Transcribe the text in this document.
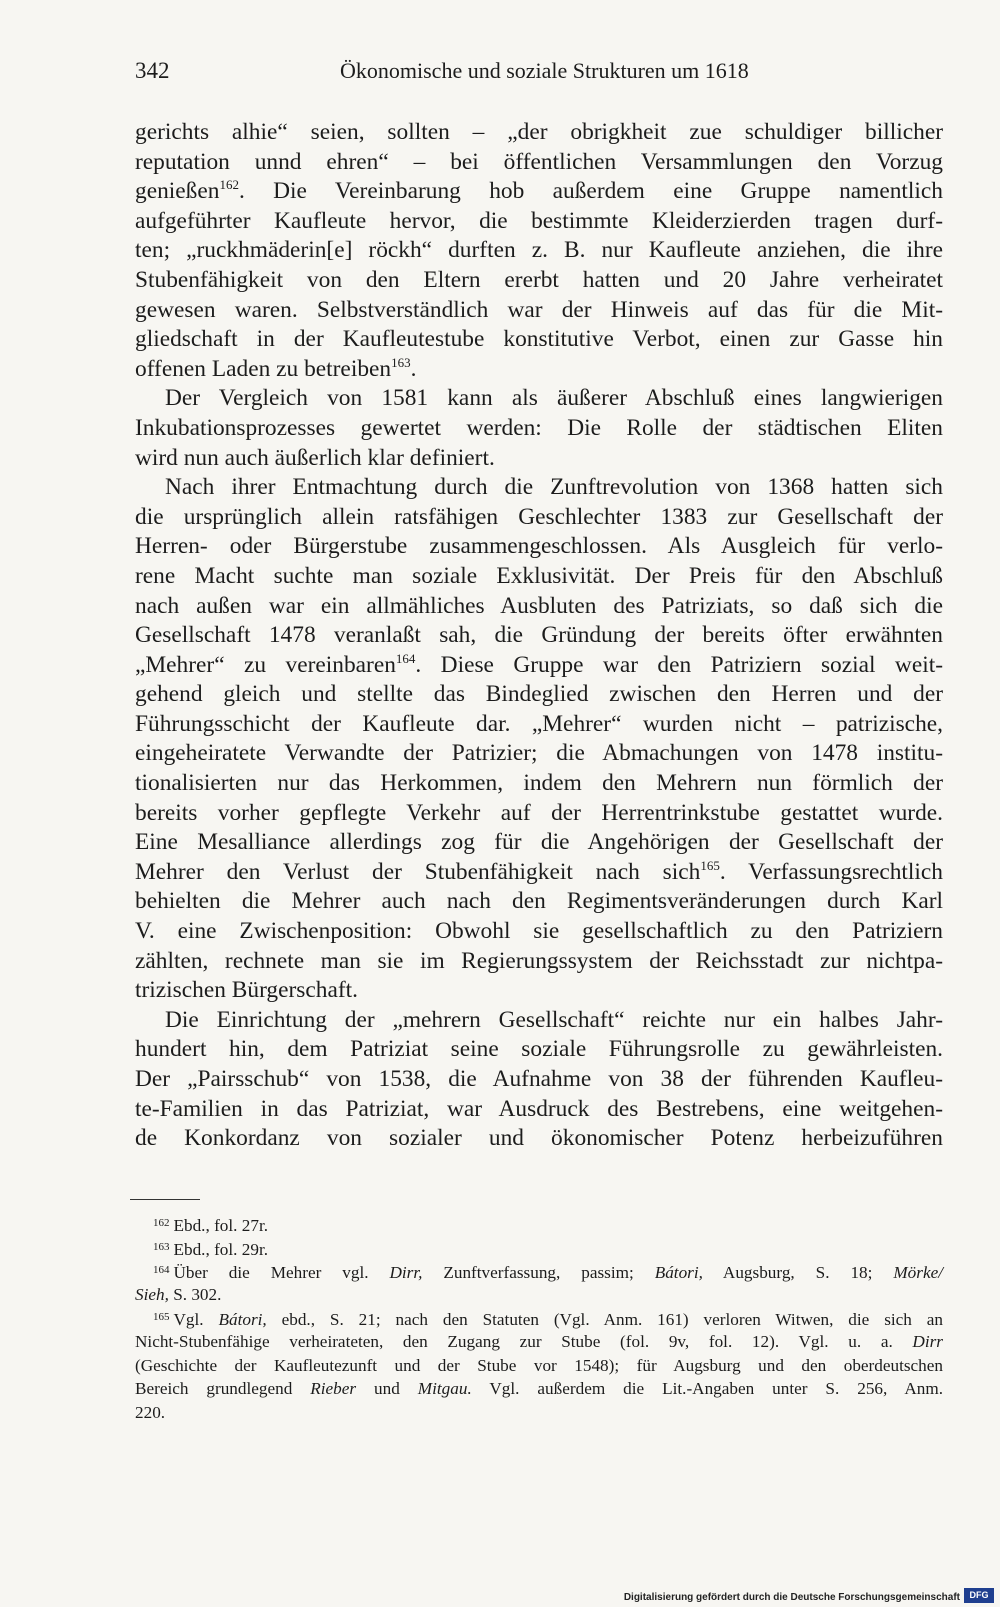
342	Ökonomische und soziale Strukturen um 1618
gerichts alhie“ seien, sollten – „der obrigkheit zue schuldiger billicher
reputation unnd ehren“ – bei öffentlichen Versammlungen den Vorzug
genießen$^{162}$. Die Vereinbarung hob außerdem eine Gruppe namentlich
aufgeführter Kaufleute hervor, die bestimmte Kleiderzierden tragen durf-
ten; „ruckhmäderin[e] röckh“ durften z. B. nur Kaufleute anziehen, die ihre
Stubenfähigkeit von den Eltern ererbt hatten und 20 Jahre verheiratet
gewesen waren. Selbstverständlich war der Hinweis auf das für die Mit-
gliedschaft in der Kaufleutestube konstitutive Verbot, einen zur Gasse hin
offenen Laden zu betreiben$^{163}$.
Der Vergleich von 1581 kann als äußerer Abschluß eines langwierigen
Inkubationsprozesses gewertet werden: Die Rolle der städtischen Eliten
wird nun auch äußerlich klar definiert.
Nach ihrer Entmachtung durch die Zunftrevolution von 1368 hatten sich
die ursprünglich allein ratsfähigen Geschlechter 1383 zur Gesellschaft der
Herren- oder Bürgerstube zusammengeschlossen. Als Ausgleich für verlo-
rene Macht suchte man soziale Exklusivität. Der Preis für den Abschluß
nach außen war ein allmähliches Ausbluten des Patriziats, so daß sich die
Gesellschaft 1478 veranlaßt sah, die Gründung der bereits öfter erwähnten
„Mehrer“ zu vereinbaren$^{164}$. Diese Gruppe war den Patriziern sozial weit-
gehend gleich und stellte das Bindeglied zwischen den Herren und der
Führungsschicht der Kaufleute dar. „Mehrer“ wurden nicht – patrizische,
eingeheiratete Verwandte der Patrizier; die Abmachungen von 1478 institu-
tionalisierten nur das Herkommen, indem den Mehrern nun förmlich der
bereits vorher gepflegte Verkehr auf der Herrentrinkstube gestattet wurde.
Eine Mesalliance allerdings zog für die Angehörigen der Gesellschaft der
Mehrer den Verlust der Stubenfähigkeit nach sich$^{165}$. Verfassungsrechtlich
behielten die Mehrer auch nach den Regimentsveränderungen durch Karl
V. eine Zwischenposition: Obwohl sie gesellschaftlich zu den Patriziern
zählten, rechnete man sie im Regierungssystem der Reichsstadt zur nichtpa-
trizischen Bürgerschaft.
Die Einrichtung der „mehrern Gesellschaft“ reichte nur ein halbes Jahr-
hundert hin, dem Patriziat seine soziale Führungsrolle zu gewährleisten.
Der „Pairsschub“ von 1538, die Aufnahme von 38 der führenden Kaufleu-
te-Familien in das Patriziat, war Ausdruck des Bestrebens, eine weitgehen-
de Konkordanz von sozialer und ökonomischer Potenz herbeizuführen
$^{162}$ Ebd., fol. 27r.
$^{163}$ Ebd., fol. 29r.
$^{164}$ Über die Mehrer vgl. Dirr, Zunftverfassung, passim; Bátori, Augsburg, S. 18; Mörke/
Sieh, S. 302.
$^{165}$ Vgl. Bátori, ebd., S. 21; nach den Statuten (Vgl. Anm. 161) verloren Witwen, die sich an
Nicht-Stubenfähige verheirateten, den Zugang zur Stube (fol. 9v, fol. 12). Vgl. u. a. Dirr
(Geschichte der Kaufleutezunft und der Stube vor 1548); für Augsburg und den oberdeutschen
Bereich grundlegend Rieber und Mitgau. Vgl. außerdem die Lit.-Angaben unter S. 256, Anm.
220.
Digitalisierung gefördert durch die Deutsche Forschungsgemeinschaft	DFG
